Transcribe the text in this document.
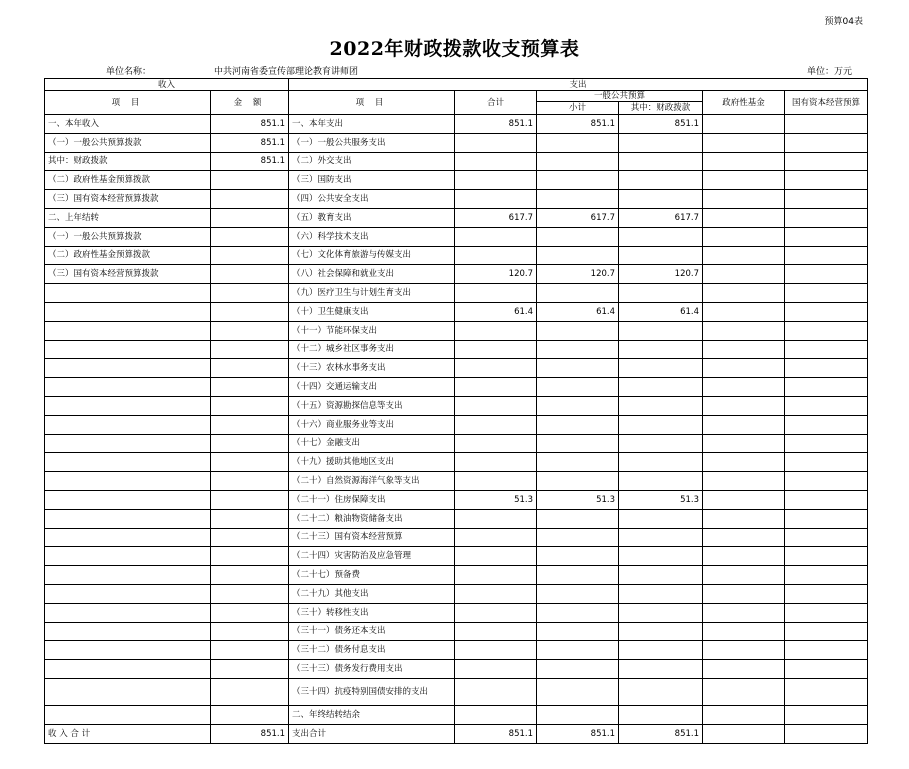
预算04表
2022年财政拨款收支预算表
单位名称：	中共河南省委宣传部理论教育讲师团	单位：万元
收入		支出					
项 目	金 额	项 目	合计	一般公共预算		政府性基金	国有资本经营预算
				小计	其中：财政拨款		
一、本年收入	851.1	一、本年支出	851.1	851.1	851.1		
（一）一般公共预算拨款	851.1	（一）一般公共服务支出					
其中：财政拨款	851.1	（二）外交支出					
（二）政府性基金预算拨款		（三）国防支出					
（三）国有资本经营预算拨款		（四）公共安全支出					
二、上年结转		（五）教育支出	617.7	617.7	617.7		
（一）一般公共预算拨款		（六）科学技术支出					
（二）政府性基金预算拨款		（七）文化体育旅游与传媒支出					
（三）国有资本经营预算拨款		（八）社会保障和就业支出	120.7	120.7	120.7		
		（九）医疗卫生与计划生育支出					
		（十）卫生健康支出	61.4	61.4	61.4		
		（十一）节能环保支出					
		（十二）城乡社区事务支出					
		（十三）农林水事务支出					
		（十四）交通运输支出					
		（十五）资源勘探信息等支出					
		（十六）商业服务业等支出					
		（十七）金融支出					
		（十九）援助其他地区支出					
		（二十）自然资源海洋气象等支出					
		（二十一）住房保障支出	51.3	51.3	51.3		
		（二十二）粮油物资储备支出					
		（二十三）国有资本经营预算					
		（二十四）灾害防治及应急管理					
		（二十七）预备费					
		（二十九）其他支出					
		（三十）转移性支出					
		（三十一）债务还本支出					
		（三十二）债务付息支出					
		（三十三）债务发行费用支出					
		（三十四）抗疫特别国债安排的支出					
		二、年终结转结余					
收 入 合 计	851.1	支出合计	851.1	851.1	851.1		
